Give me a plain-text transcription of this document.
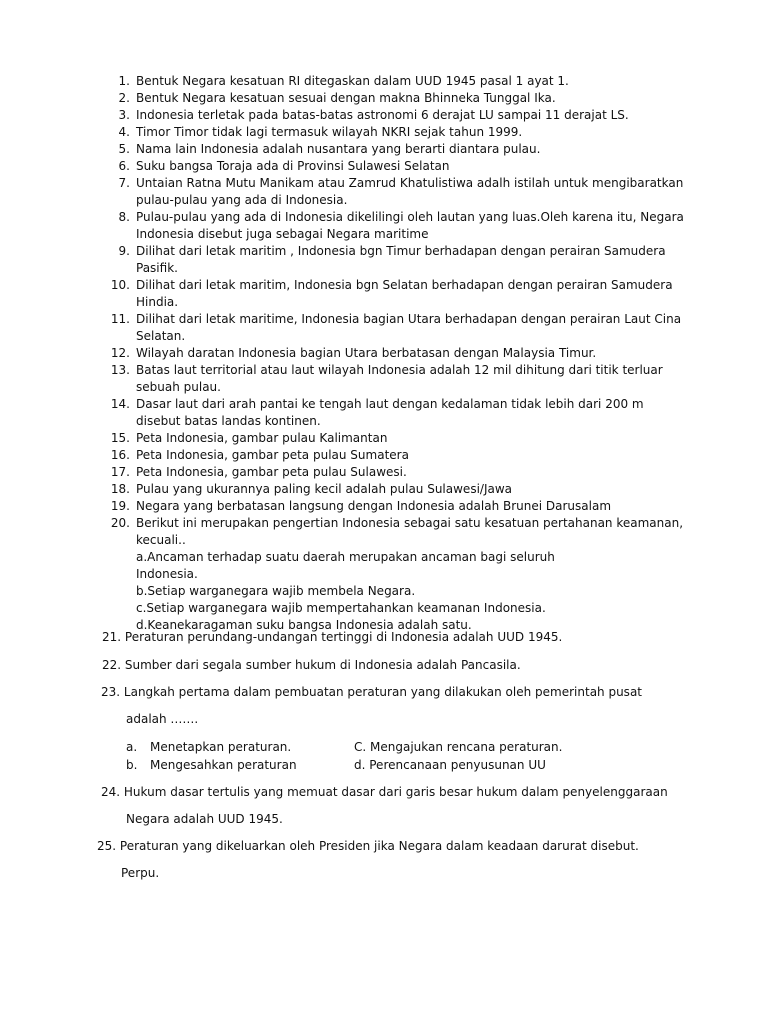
1 . Bentuk Negara kesatuan RI ditegaskan dalam UUD 1945 pasal 1 ayat 1.
2 . Bentuk Negara kesatuan sesuai dengan makna Bhinneka Tunggal Ika.
3 . Indonesia terletak pada batas-batas astronomi 6 derajat LU sampai 11 derajat LS.
4 . Timor Timor tidak lagi termasuk wilayah NKRI sejak tahun 1999.
5 . Nama lain Indonesia adalah nusantara yang berarti diantara pulau.
6 . Suku bangsa Toraja ada di Provinsi Sulawesi Selatan
7 . Untaian Ratna Mutu Manikam atau Zamrud Khatulistiwa adalh istilah untuk mengibaratkan pulau-pulau yang ada di Indonesia.
8 . Pulau-pulau yang ada di Indonesia dikelilingi oleh lautan yang luas.Oleh karena itu, Negara Indonesia disebut juga sebagai Negara maritime
9 . Dilihat dari letak maritim , Indonesia bgn Timur berhadapan dengan perairan Samudera Pasifik.
10 . Dilihat dari letak maritim, Indonesia bgn Selatan berhadapan dengan perairan Samudera Hindia.
11 . Dilihat dari letak maritime, Indonesia bagian Utara berhadapan dengan perairan Laut Cina Selatan.
12 . Wilayah daratan Indonesia bagian Utara berbatasan dengan Malaysia Timur.
13 . Batas laut territorial atau laut wilayah Indonesia adalah 12 mil dihitung dari titik terluar sebuah pulau.
14 . Dasar laut dari arah pantai ke tengah laut dengan kedalaman tidak lebih dari 200 m disebut batas landas kontinen.
15 . Peta Indonesia, gambar pulau Kalimantan
16 . Peta Indonesia, gambar peta pulau Sumatera
17 . Peta Indonesia, gambar peta pulau Sulawesi.
18 . Pulau yang ukurannya paling kecil adalah pulau Sulawesi/Jawa
19 . Negara yang berbatasan langsung dengan Indonesia adalah Brunei Darusalam
20 . Berikut ini merupakan pengertian Indonesia sebagai satu kesatuan pertahanan keamanan, kecuali..
a.Ancaman terhadap suatu daerah merupakan ancaman bagi seluruh Indonesia.
b.Setiap warganegara wajib membela Negara.
c.Setiap warganegara wajib mempertahankan keamanan Indonesia.
d.Keanekaragaman suku bangsa Indonesia adalah satu.
21. Peraturan perundang-undangan tertinggi di Indonesia adalah UUD 1945.
22. Sumber dari segala sumber hukum di Indonesia adalah Pancasila.
23. Langkah pertama dalam pembuatan peraturan yang dilakukan oleh pemerintah pusat
adalah …….
a.	Menetapkan peraturan.	C. Mengajukan rencana peraturan.
b.	Mengesahkan peraturan	d. Perencanaan penyusunan UU
24. Hukum dasar tertulis yang memuat dasar dari garis besar hukum dalam penyelenggaraan
Negara adalah UUD 1945.
25. Peraturan yang dikeluarkan oleh Presiden jika Negara dalam keadaan darurat disebut.
Perpu.
